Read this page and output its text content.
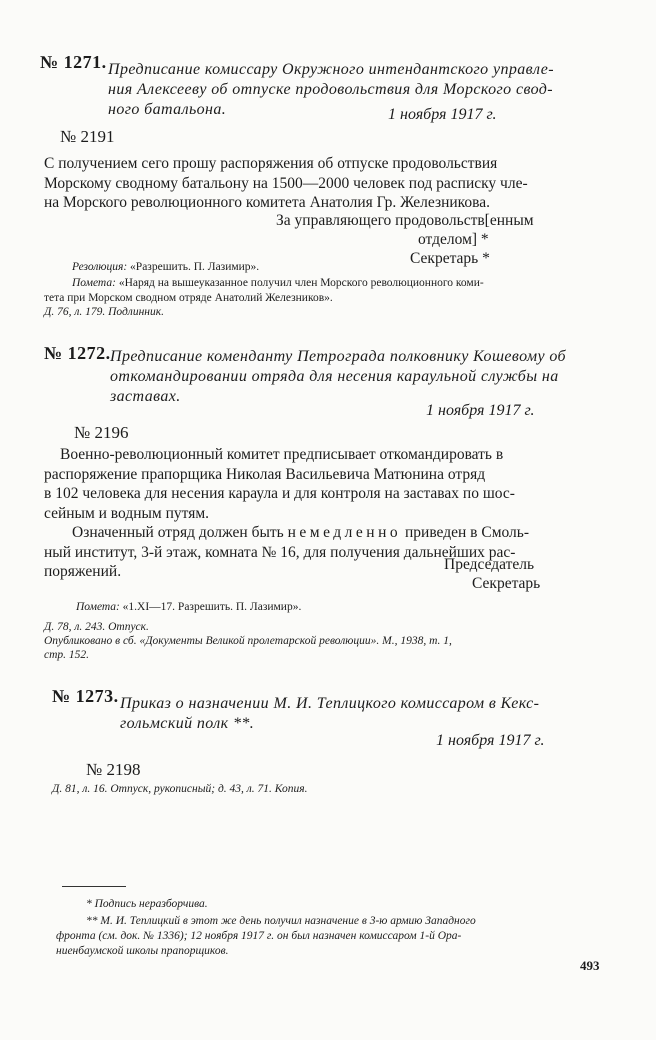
№ 1271. Предписание комиссару Окружного интендантского управле-
ния Алексееву об отпуске продовольствия для Морского свод-
ного батальона.	1 ноября 1917 г.
№ 2191
С получением сего прошу распоряжения об отпуске продовольствия
Морскому сводному батальону на 1500—2000 человек под расписку чле-
на Морского революционного комитета Анатолия Гр. Железникова.
За управляющего продовольств[енным
отделом] *
Секретарь *
Резолюция: «Разрешить. П. Лазимир».
Помета: «Наряд на вышеуказанное получил член Морского революционного коми-
тета при Морском сводном отряде Анатолий Железников».
Д. 76, л. 179. Подлинник.
№ 1272. Предписание коменданту Петрограда полковнику Кошевому об
откомандировании отряда для несения караульной службы на
заставах.
1 ноября 1917 г.
№ 2196
Военно-революционный комитет предписывает откомандировать в
распоряжение прапорщика Николая Васильевича Матюнина отряд
в 102 человека для несения караула и для контроля на заставах по шос-
сейным и водным путям.
Означенный отряд должен быть немедленно приведен в Смоль-
ный институт, 3-й этаж, комната № 16, для получения дальнейших рас-
поряжений.	Председатель
Секретарь
Пометa: «1.XI—17. Разрешить. П. Лазимир».
Д. 78, л. 243. Отпуск.
Опубликовано в сб. «Документы Великой пролетарской революции». М., 1938, т. 1,
стр. 152.
№ 1273. Приказ о назначении М. И. Теплицкого комиссаром в Кекс-
гольмский полк **.
1 ноября 1917 г.
№ 2198
Д. 81, л. 16. Отпуск, рукописный; д. 43, л. 71. Копия.
* Подпись неразборчива.
** М. И. Теплицкий в этот же день получил назначение в 3-ю армию Западного
фронта (см. док. № 1336); 12 ноября 1917 г. он был назначен комиссаром 1-й Ора-
ниенбаумской школы прапорщиков.
493
